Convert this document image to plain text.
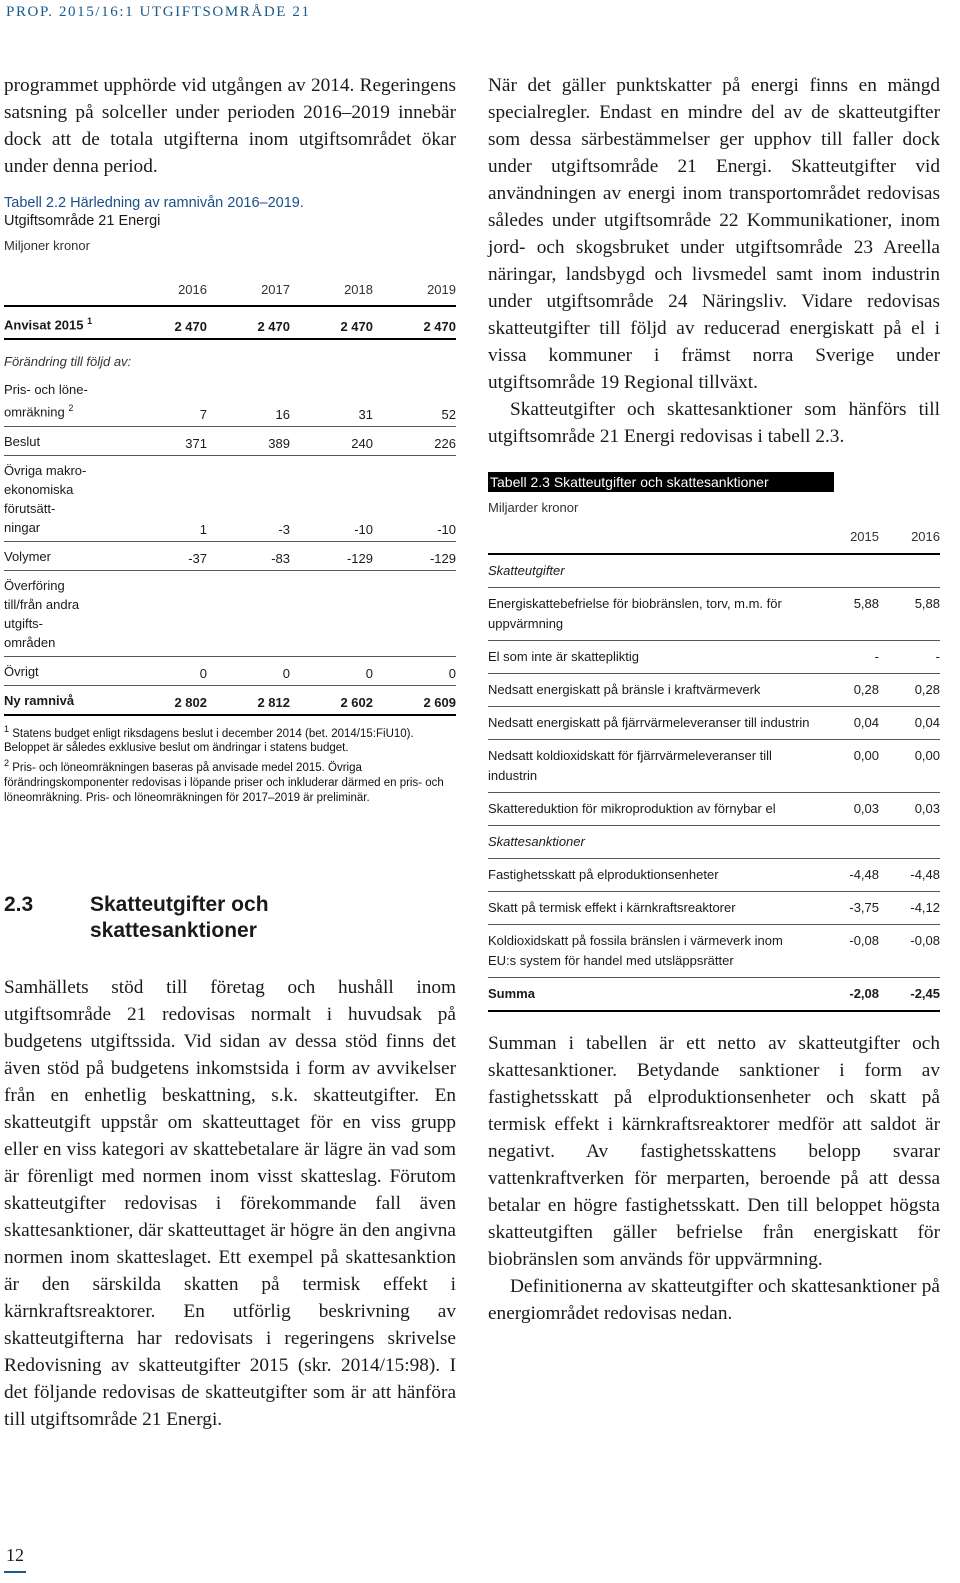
PROP. 2015/16:1 UTGIFTSOMRÅDE 21

programmet upphörde vid utgången av 2014. Regeringens satsning på solceller under perioden 2016–2019 innebär dock att de totala utgifterna inom utgiftsområdet ökar under denna period.

Tabell 2.2 Härledning av ramnivån 2016–2019.
Utgiftsområde 21 Energi
Miljoner kronor
2016	2017	2018	2019
Anvisat 2015 $^1$	2 470	2 470	2 470	2 470
Förändring till följd av:
Pris- och löne-
omräkning $^2$	7	16	31	52
Beslut	371	389	240	226
Övriga makro-
ekonomiska
förutsätt-
ningar	1	-3	-10	-10
Volymer	-37	-83	-129	-129
Överföring
till/från andra
utgifts-
områden
Övrigt	0	0	0	0
Ny ramnivå	2 802	2 812	2 602	2 609
$^1$ Statens budget enligt riksdagens beslut i december 2014 (bet. 2014/15:FiU10). Beloppet är således exklusive beslut om ändringar i statens budget.
$^2$ Pris- och löneomräkningen baseras på anvisade medel 2015. Övriga förändringskomponenter redovisas i löpande priser och inkluderar därmed en pris- och löneomräkning. Pris- och löneomräkningen för 2017–2019 är preliminär.
2.3	Skatteutgifter och skattesanktioner

Samhällets stöd till företag och hushåll inom utgiftsområde 21 redovisas normalt i huvudsak på budgetens utgiftssida. Vid sidan av dessa stöd finns det även stöd på budgetens inkomstsida i form av avvikelser från en enhetlig beskattning, s.k. skatteutgifter. En skatteutgift uppstår om skatteuttaget för en viss grupp eller en viss kategori av skattebetalare är lägre än vad som är förenligt med normen inom visst skatteslag. Förutom skatteutgifter redovisas i förekommande fall även skattesanktioner, där skatteuttaget är högre än den angivna normen inom skatteslaget. Ett exempel på skattesanktion är den särskilda skatten på termisk effekt i kärnkraftsreaktorer. En utförlig beskrivning av skatteutgifterna har redovisats i regeringens skrivelse Redovisning av skatteutgifter 2015 (skr. 2014/15:98). I det följande redovisas de skatteutgifter som är att hänföra till utgiftsområde 21 Energi.

När det gäller punktskatter på energi finns en mängd specialregler. Endast en mindre del av de skatteutgifter som dessa särbestämmelser ger upphov till faller dock under utgiftsområde 21 Energi. Skatteutgifter vid användningen av energi inom transportområdet redovisas således under utgiftsområde 22 Kommunikationer, inom jord- och skogsbruket under utgiftsområde 23 Areella näringar, landsbygd och livsmedel samt inom industrin under utgiftsområde 24 Näringsliv. Vidare redovisas skatteutgifter till följd av reducerad energiskatt på el i vissa kommuner i främst norra Sverige under utgiftsområde 19 Regional tillväxt.

Skatteutgifter och skattesanktioner som hänförs till utgiftsområde 21 Energi redovisas i tabell 2.3.

Tabell 2.3 Skatteutgifter och skattesanktioner
Miljarder kronor
2015	2016
Skatteutgifter
Energiskattebefrielse för biobränslen, torv, m.m. för uppvärmning
5,88	5,88
El som inte är skattepliktig	-	-
Nedsatt energiskatt på bränsle i kraftvärmeverk	0,28	0,28
Nedsatt energiskatt på fjärrvärmeleveranser till industrin	0,04	0,04
Nedsatt koldioxidskatt för fjärrvärmeleveranser till industrin
0,00	0,00
Skattereduktion för mikroproduktion av förnybar el	0,03	0,03
Skattesanktioner
Fastighetsskatt på elproduktionsenheter	-4,48	-4,48
Skatt på termisk effekt i kärnkraftsreaktorer	-3,75	-4,12
Koldioxidskatt på fossila bränslen i värmeverk inom EU:s system för handel med utsläppsrätter
-0,08	-0,08
Summa	-2,08	-2,45

Summan i tabellen är ett netto av skatteutgifter och skattesanktioner. Betydande sanktioner i form av fastighetsskatt på elproduktionsenheter och skatt på termisk effekt i kärnkraftsreaktorer medför att saldot är negativt. Av fastighetsskattens belopp svarar vattenkraftverken för merparten, beroende på att dessa betalar en högre fastighetsskatt. Den till beloppet högsta skatteutgiften gäller befrielse från energiskatt för biobränslen som används för uppvärmning.

Definitionerna av skatteutgifter och skattesanktioner på energiområdet redovisas nedan.

12
